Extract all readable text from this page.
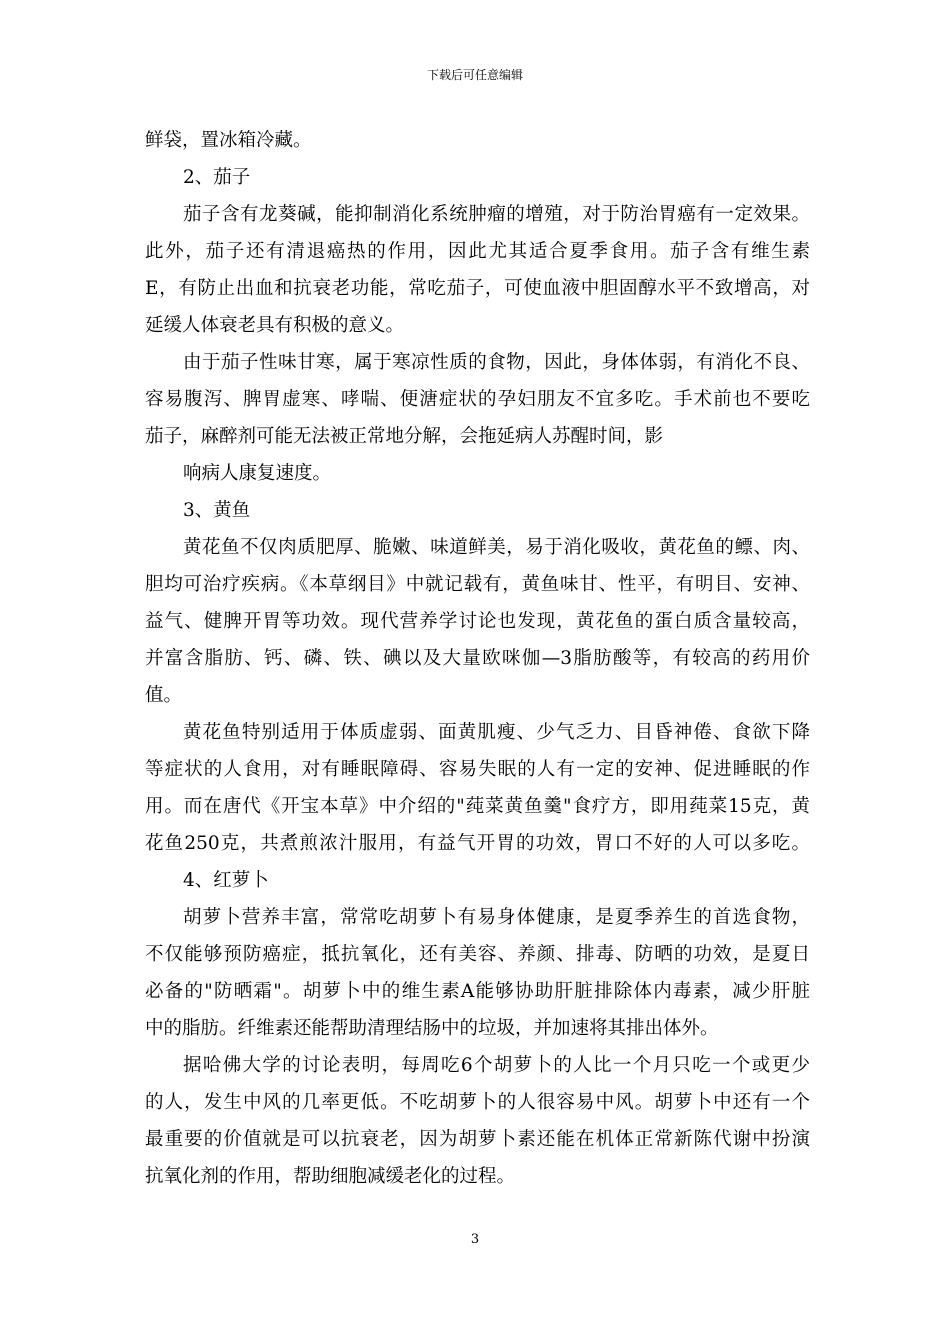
下载后可任意编辑
鲜袋，置冰箱冷藏。
2、茄子
茄子含有龙葵碱，能抑制消化系统肿瘤的增殖，对于防治胃癌有一定效果。
此外，茄子还有清退癌热的作用，因此尤其适合夏季食用。茄子含有维生素
E，有防止出血和抗衰老功能，常吃茄子，可使血液中胆固醇水平不致增高，对
延缓人体衰老具有积极的意义。
由于茄子性味甘寒，属于寒凉性质的食物，因此，身体体弱，有消化不良、
容易腹泻、脾胃虚寒、哮喘、便溏症状的孕妇朋友不宜多吃。手术前也不要吃
茄子，麻醉剂可能无法被正常地分解，会拖延病人苏醒时间，影
响病人康复速度。
3、黄鱼
黄花鱼不仅肉质肥厚、脆嫩、味道鲜美，易于消化吸收，黄花鱼的鳔、肉、
胆均可治疗疾病。《本草纲目》中就记载有，黄鱼味甘、性平，有明目、安神、
益气、健脾开胃等功效。现代营养学讨论也发现，黄花鱼的蛋白质含量较高，
并富含脂肪、钙、磷、铁、碘以及大量欧咪伽—3脂肪酸等，有较高的药用价
值。
黄花鱼特别适用于体质虚弱、面黄肌瘦、少气乏力、目昏神倦、食欲下降
等症状的人食用，对有睡眠障碍、容易失眠的人有一定的安神、促进睡眠的作
用。而在唐代《开宝本草》中介绍的"莼菜黄鱼羹"食疗方，即用莼菜15克，黄
花鱼250克，共煮煎浓汁服用，有益气开胃的功效，胃口不好的人可以多吃。
4、红萝卜
胡萝卜营养丰富，常常吃胡萝卜有易身体健康，是夏季养生的首选食物，
不仅能够预防癌症，抵抗氧化，还有美容、养颜、排毒、防晒的功效，是夏日
必备的"防晒霜"。胡萝卜中的维生素A能够协助肝脏排除体内毒素，减少肝脏
中的脂肪。纤维素还能帮助清理结肠中的垃圾，并加速将其排出体外。
据哈佛大学的讨论表明，每周吃6个胡萝卜的人比一个月只吃一个或更少
的人，发生中风的几率更低。不吃胡萝卜的人很容易中风。胡萝卜中还有一个
最重要的价值就是可以抗衰老，因为胡萝卜素还能在机体正常新陈代谢中扮演
抗氧化剂的作用，帮助细胞减缓老化的过程。
3
